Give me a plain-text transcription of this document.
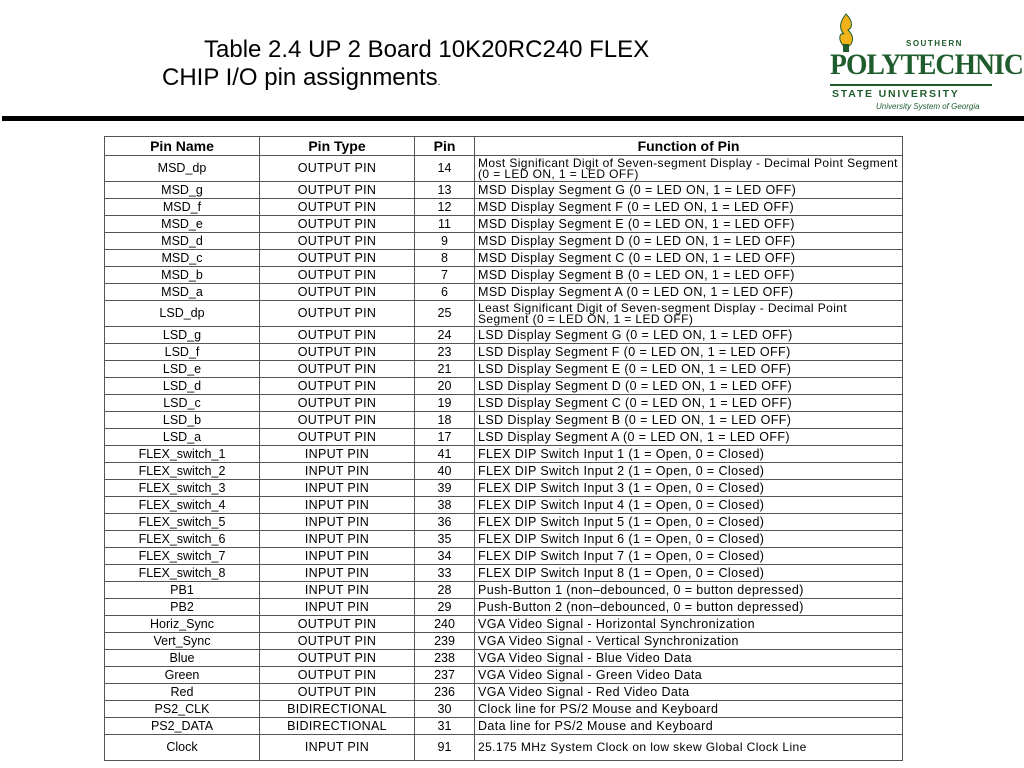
Table 2.4 UP 2 Board 10K20RC240 FLEX
CHIP I/O pin assignments.
SOUTHERN
POLYTECHNIC
STATE UNIVERSITY
University System of Georgia
Pin Name	Pin Type	Pin	Function of Pin
MSD_dp	OUTPUT PIN	14	Most Significant Digit of Seven-segment Display - Decimal Point Segment (0 = LED ON, 1 = LED OFF)
MSD_g	OUTPUT PIN	13	MSD Display Segment G (0 = LED ON, 1 = LED OFF)
MSD_f	OUTPUT PIN	12	MSD Display Segment F (0 = LED ON, 1 = LED OFF)
MSD_e	OUTPUT PIN	11	MSD Display Segment E (0 = LED ON, 1 = LED OFF)
MSD_d	OUTPUT PIN	9	MSD Display Segment D (0 = LED ON, 1 = LED OFF)
MSD_c	OUTPUT PIN	8	MSD Display Segment C (0 = LED ON, 1 = LED OFF)
MSD_b	OUTPUT PIN	7	MSD Display Segment B (0 = LED ON, 1 = LED OFF)
MSD_a	OUTPUT PIN	6	MSD Display Segment A (0 = LED ON, 1 = LED OFF)
LSD_dp	OUTPUT PIN	25	Least Significant Digit of Seven-segment Display - Decimal Point Segment (0 = LED ON, 1 = LED OFF)
LSD_g	OUTPUT PIN	24	LSD Display Segment G (0 = LED ON, 1 = LED OFF)
LSD_f	OUTPUT PIN	23	LSD Display Segment F (0 = LED ON, 1 = LED OFF)
LSD_e	OUTPUT PIN	21	LSD Display Segment E (0 = LED ON, 1 = LED OFF)
LSD_d	OUTPUT PIN	20	LSD Display Segment D (0 = LED ON, 1 = LED OFF)
LSD_c	OUTPUT PIN	19	LSD Display Segment C (0 = LED ON, 1 = LED OFF)
LSD_b	OUTPUT PIN	18	LSD Display Segment B (0 = LED ON, 1 = LED OFF)
LSD_a	OUTPUT PIN	17	LSD Display Segment A (0 = LED ON, 1 = LED OFF)
FLEX_switch_1	INPUT PIN	41	FLEX DIP Switch Input 1 (1 = Open, 0 = Closed)
FLEX_switch_2	INPUT PIN	40	FLEX DIP Switch Input 2 (1 = Open, 0 = Closed)
FLEX_switch_3	INPUT PIN	39	FLEX DIP Switch Input 3 (1 = Open, 0 = Closed)
FLEX_switch_4	INPUT PIN	38	FLEX DIP Switch Input 4 (1 = Open, 0 = Closed)
FLEX_switch_5	INPUT PIN	36	FLEX DIP Switch Input 5 (1 = Open, 0 = Closed)
FLEX_switch_6	INPUT PIN	35	FLEX DIP Switch Input 6 (1 = Open, 0 = Closed)
FLEX_switch_7	INPUT PIN	34	FLEX DIP Switch Input 7 (1 = Open, 0 = Closed)
FLEX_switch_8	INPUT PIN	33	FLEX DIP Switch Input 8 (1 = Open, 0 = Closed)
PB1	INPUT PIN	28	Push-Button 1 (non–debounced, 0 = button depressed)
PB2	INPUT PIN	29	Push-Button 2 (non–debounced, 0 = button depressed)
Horiz_Sync	OUTPUT PIN	240	VGA Video Signal - Horizontal Synchronization
Vert_Sync	OUTPUT PIN	239	VGA Video Signal - Vertical Synchronization
Blue	OUTPUT PIN	238	VGA Video Signal - Blue Video Data
Green	OUTPUT PIN	237	VGA Video Signal - Green Video Data
Red	OUTPUT PIN	236	VGA Video Signal - Red Video Data
PS2_CLK	BIDIRECTIONAL	30	Clock line for PS/2 Mouse and Keyboard
PS2_DATA	BIDIRECTIONAL	31	Data line for PS/2 Mouse and Keyboard
Clock	INPUT PIN	91	25.175 MHz System Clock on low skew Global Clock Line
